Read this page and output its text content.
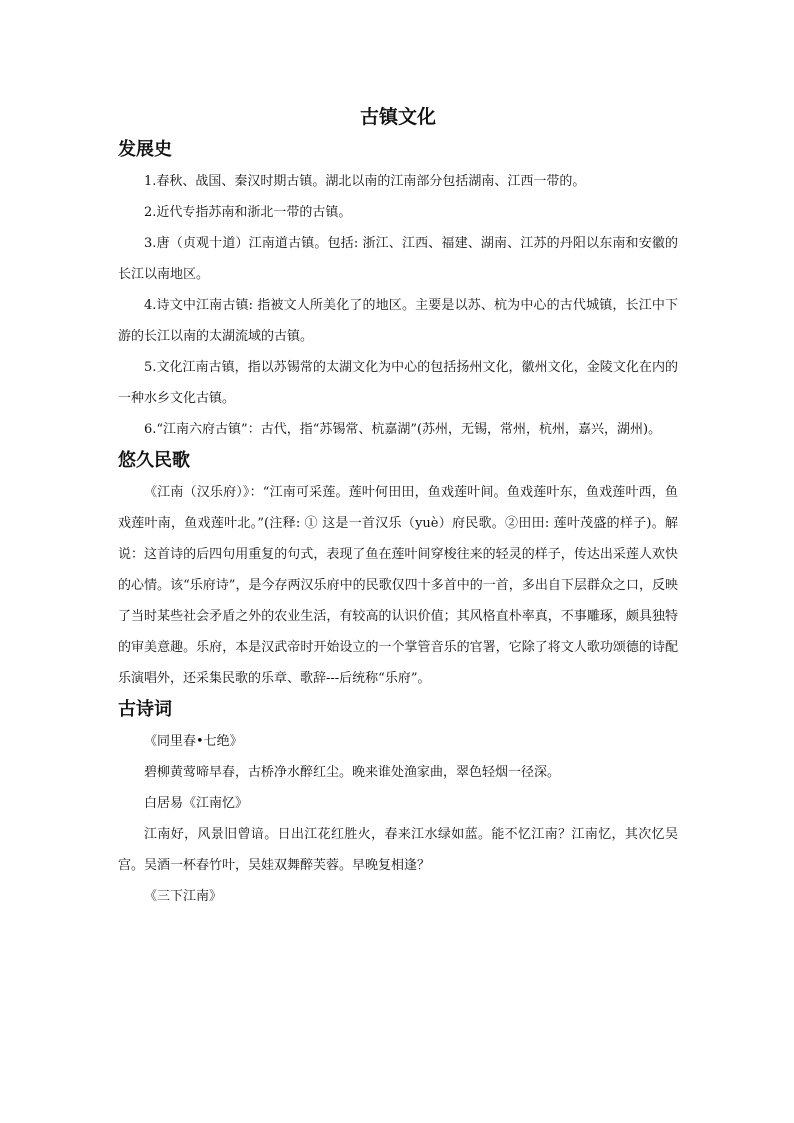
古镇文化
发展史

1.春秋、战国、秦汉时期古镇。湖北以南的江南部分包括湖南、江西一带的。

2.近代专指苏南和浙北一带的古镇。

3.唐（贞观十道）江南道古镇。包括: 浙江、江西、福建、湖南、江苏的丹阳以东南和安徽的长江以南地区。

4.诗文中江南古镇: 指被文人所美化了的地区。主要是以苏、杭为中心的古代城镇，长江中下游的长江以南的太湖流域的古镇。

5.文化江南古镇，指以苏锡常的太湖文化为中心的包括扬州文化，徽州文化，金陵文化在内的一种水乡文化古镇。

6.“江南六府古镇”：古代，指“苏锡常、杭嘉湖”(苏州，无锡，常州，杭州，嘉兴，湖州)。

悠久民歌

《江南（汉乐府）》：“江南可采莲。莲叶何田田，鱼戏莲叶间。鱼戏莲叶东，鱼戏莲叶西，鱼戏莲叶南，鱼戏莲叶北。”(注释: ① 这是一首汉乐（yuè）府民歌。②田田: 莲叶茂盛的样子)。解说：这首诗的后四句用重复的句式，表现了鱼在莲叶间穿梭往来的轻灵的样子，传达出采莲人欢快的心情。该“乐府诗”，是今存两汉乐府中的民歌仅四十多首中的一首，多出自下层群众之口，反映了当时某些社会矛盾之外的农业生活，有较高的认识价值；其风格直朴率真，不事雕琢，颇具独特的审美意趣。乐府，本是汉武帝时开始设立的一个掌管音乐的官署，它除了将文人歌功颂德的诗配乐演唱外，还采集民歌的乐章、歌辞---后统称“乐府”。

古诗词

《同里春•七绝》

碧柳黄莺啼早春，古桥净水醉红尘。晚来谁处渔家曲，翠色轻烟一径深。

白居易《江南忆》

江南好，风景旧曾谙。日出江花红胜火，春来江水绿如蓝。能不忆江南？江南忆，其次忆吴宫。吴酒一杯春竹叶，吴娃双舞醉芙蓉。早晚复相逢？

《三下江南》
